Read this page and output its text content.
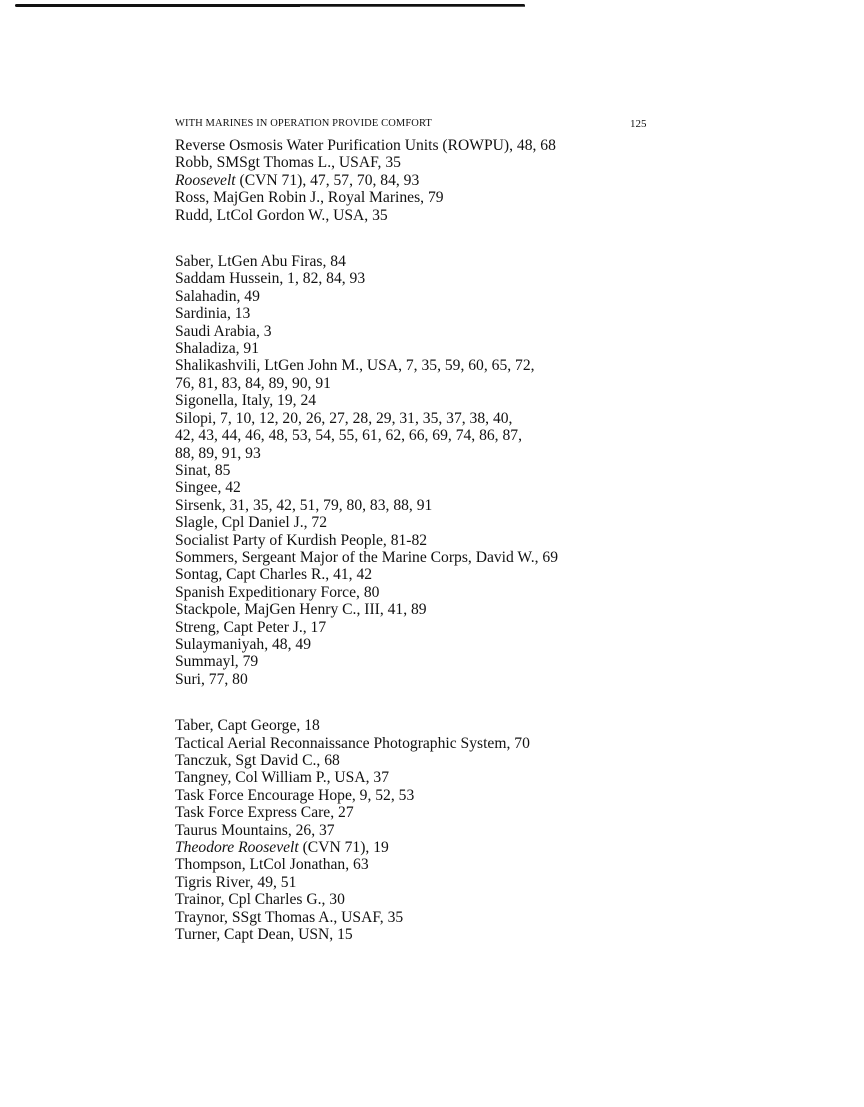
WITH MARINES IN OPERATION PROVIDE COMFORT	125
Reverse Osmosis Water Purification Units (ROWPU), 48, 68
Robb, SMSgt Thomas L., USAF, 35
Roosevelt (CVN 71), 47, 57, 70, 84, 93
Ross, MajGen Robin J., Royal Marines, 79
Rudd, LtCol Gordon W., USA, 35
Saber, LtGen Abu Firas, 84
Saddam Hussein, 1, 82, 84, 93
Salahadin, 49
Sardinia, 13
Saudi Arabia, 3
Shaladiza, 91
Shalikashvili, LtGen John M., USA, 7, 35, 59, 60, 65, 72,
76, 81, 83, 84, 89, 90, 91
Sigonella, Italy, 19, 24
Silopi, 7, 10, 12, 20, 26, 27, 28, 29, 31, 35, 37, 38, 40,
42, 43, 44, 46, 48, 53, 54, 55, 61, 62, 66, 69, 74, 86, 87,
88, 89, 91, 93
Sinat, 85
Singee, 42
Sirsenk, 31, 35, 42, 51, 79, 80, 83, 88, 91
Slagle, Cpl Daniel J., 72
Socialist Party of Kurdish People, 81-82
Sommers, Sergeant Major of the Marine Corps, David W., 69
Sontag, Capt Charles R., 41, 42
Spanish Expeditionary Force, 80
Stackpole, MajGen Henry C., III, 41, 89
Streng, Capt Peter J., 17
Sulaymaniyah, 48, 49
Summayl, 79
Suri, 77, 80
Taber, Capt George, 18
Tactical Aerial Reconnaissance Photographic System, 70
Tanczuk, Sgt David C., 68
Tangney, Col William P., USA, 37
Task Force Encourage Hope, 9, 52, 53
Task Force Express Care, 27
Taurus Mountains, 26, 37
Theodore Roosevelt (CVN 71), 19
Thompson, LtCol Jonathan, 63
Tigris River, 49, 51
Trainor, Cpl Charles G., 30
Traynor, SSgt Thomas A., USAF, 35
Turner, Capt Dean, USN, 15
